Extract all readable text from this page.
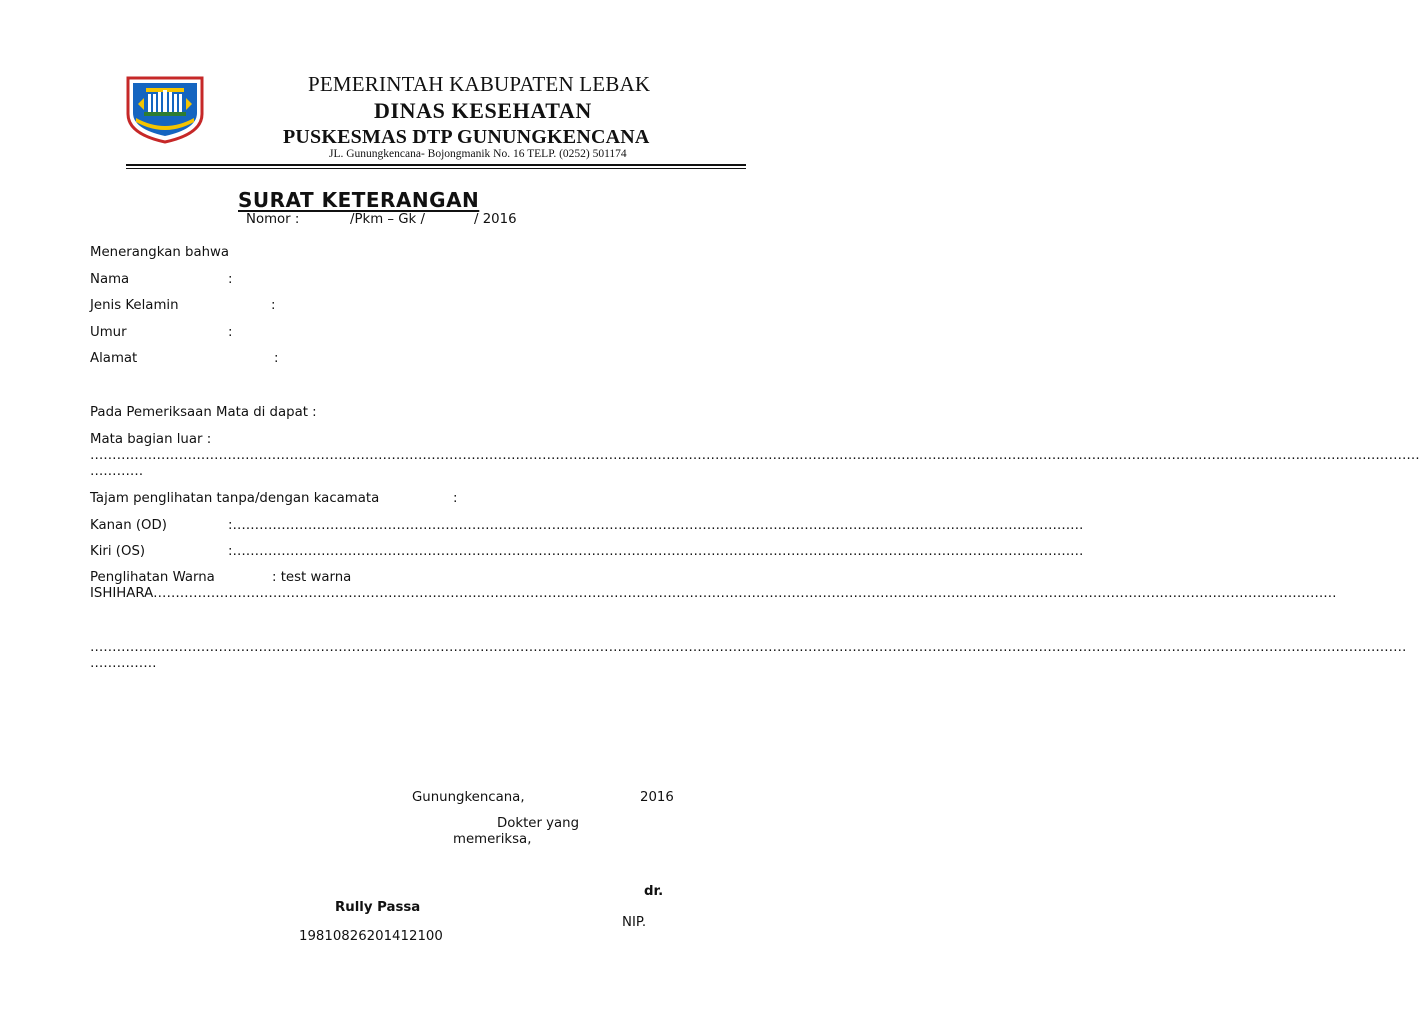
PEMERINTAH KABUPATEN LEBAK
DINAS KESEHATAN
PUSKESMAS DTP GUNUNGKENCANA
JL. Gunungkencana- Bojongmanik No. 16 TELP. (0252) 501174
SURAT KETERANGAN
Nomor :	/Pkm – Gk /	/ 2016
Menerangkan bahwa
Nama	:
Jenis Kelamin	:
Umur	:
Alamat	:
Pada Pemeriksaan Mata di dapat :
Mata bagian luar :
…………………………………………………………………………………………………………………………………………………………………………………………………………………………………………………………………………
…………
Tajam penglihatan tanpa/dengan kacamata	:
Kanan (OD)	:…………………………………………………………………………………………………………………………………………………………………………
Kiri (OS)	:…………………………………………………………………………………………………………………………………………………………………………
Penglihatan Warna	: test warna
ISHIHARA……………………………………………………………………………………………………………………………………………………………………………………………………………………………………………
………………………………………………………………………………………………………………………………………………………………………………………………………………………………………………………………………
……………
Gunungkencana,	2016
Dokter yang
memeriksa,
dr.
Rully Passa
NIP.
19810826201412100
